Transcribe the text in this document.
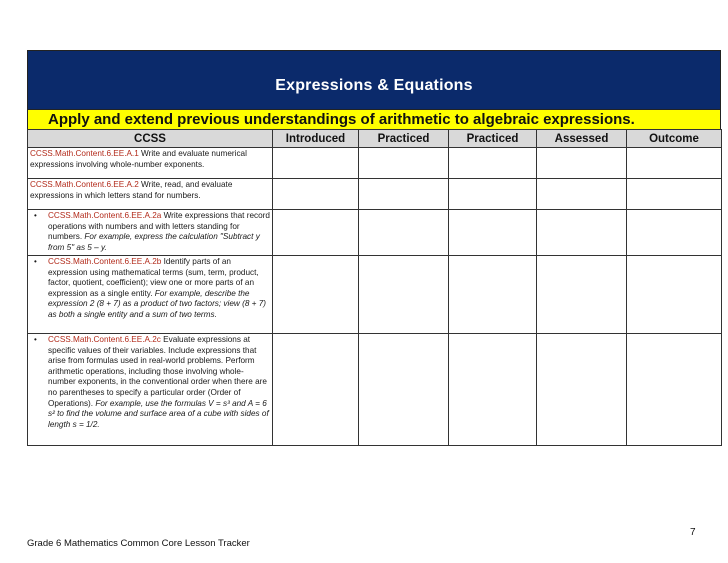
Expressions & Equations
Apply and extend previous understandings of arithmetic to algebraic expressions.
CCSS	Introduced	Practiced	Practiced	Assessed	Outcome

CCSS.Math.Content.6.EE.A.1 Write and evaluate numerical expressions involving whole-number exponents.					

CCSS.Math.Content.6.EE.A.2 Write, read, and evaluate expressions in which letters stand for numbers.					

• CCSS.Math.Content.6.EE.A.2a Write expressions that record operations with numbers and with letters standing for numbers. For example, express the calculation "Subtract y from 5" as 5 – y.					

• CCSS.Math.Content.6.EE.A.2b Identify parts of an expression using mathematical terms (sum, term, product, factor, quotient, coefficient); view one or more parts of an expression as a single entity. For example, describe the expression 2 (8 + 7) as a product of two factors; view (8 + 7) as both a single entity and a sum of two terms.					

• CCSS.Math.Content.6.EE.A.2c Evaluate expressions at specific values of their variables. Include expressions that arise from formulas used in real-world problems. Perform arithmetic operations, including those involving whole-number exponents, in the conventional order when there are no parentheses to specify a particular order (Order of Operations). For example, use the formulas V = s³ and A = 6 s² to find the volume and surface area of a cube with sides of length s = 1/2.					

7
Grade 6 Mathematics Common Core Lesson Tracker
